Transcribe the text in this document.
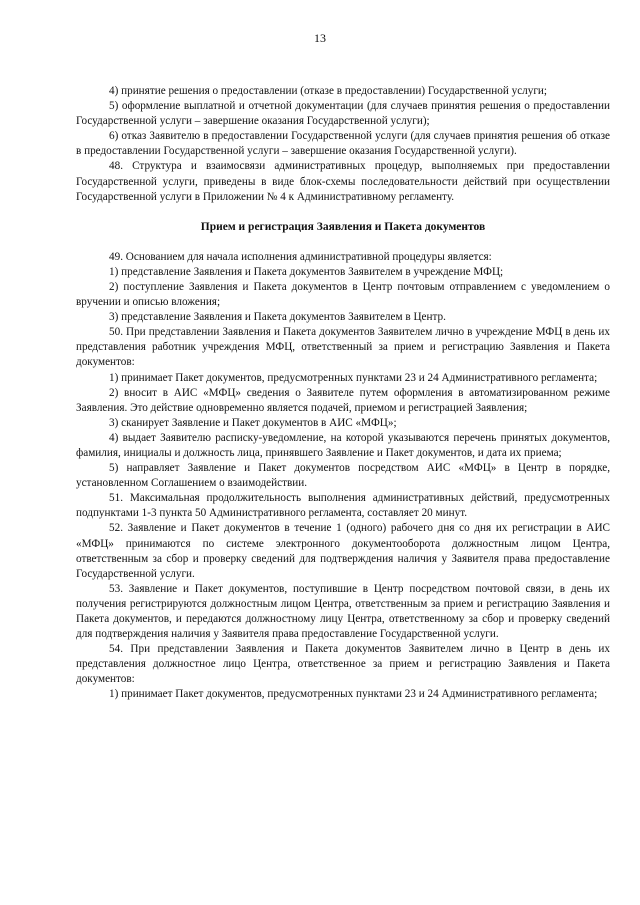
13

4) принятие решения о предоставлении (отказе в предоставлении) Государственной услуги;

5) оформление выплатной и отчетной документации (для случаев принятия решения о предоставлении Государственной услуги – завершение оказания Государственной услуги);

6) отказ Заявителю в предоставлении Государственной услуги (для случаев принятия решения об отказе в предоставлении Государственной услуги – завершение оказания Государственной услуги).

48. Структура и взаимосвязи административных процедур, выполняемых при предоставлении Государственной услуги, приведены в виде блок-схемы последовательности действий при осуществлении Государственной услуги в Приложении № 4 к Административному регламенту.

Прием и регистрация Заявления и Пакета документов

49. Основанием для начала исполнения административной процедуры является:

1) представление Заявления и Пакета документов Заявителем в учреждение МФЦ;

2) поступление Заявления и Пакета документов в Центр почтовым отправлением с уведомлением о вручении и описью вложения;

3) представление Заявления и Пакета документов Заявителем в Центр.

50. При представлении Заявления и Пакета документов Заявителем лично в учреждение МФЦ в день их представления работник учреждения МФЦ, ответственный за прием и регистрацию Заявления и Пакета документов:

1) принимает Пакет документов, предусмотренных пунктами 23 и 24 Административного регламента;

2) вносит в АИС «МФЦ» сведения о Заявителе путем оформления в автоматизированном режиме Заявления. Это действие одновременно является подачей, приемом и регистрацией Заявления;

3) сканирует Заявление и Пакет документов в АИС «МФЦ»;

4) выдает Заявителю расписку-уведомление, на которой указываются перечень принятых документов, фамилия, инициалы и должность лица, принявшего Заявление и Пакет документов, и дата их приема;

5) направляет Заявление и Пакет документов посредством АИС «МФЦ» в Центр в порядке, установленном Соглашением о взаимодействии.

51. Максимальная продолжительность выполнения административных действий, предусмотренных подпунктами 1-3 пункта 50 Административного регламента, составляет 20 минут.

52. Заявление и Пакет документов в течение 1 (одного) рабочего дня со дня их регистрации в АИС «МФЦ» принимаются по системе электронного документооборота должностным лицом Центра, ответственным за сбор и проверку сведений для подтверждения наличия у Заявителя права предоставление Государственной услуги.

53. Заявление и Пакет документов, поступившие в Центр посредством почтовой связи, в день их получения регистрируются должностным лицом Центра, ответственным за прием и регистрацию Заявления и Пакета документов, и передаются должностному лицу Центра, ответственному за сбор и проверку сведений для подтверждения наличия у Заявителя права предоставление Государственной услуги.

54. При представлении Заявления и Пакета документов Заявителем лично в Центр в день их представления должностное лицо Центра, ответственное за прием и регистрацию Заявления и Пакета документов:

1) принимает Пакет документов, предусмотренных пунктами 23 и 24 Административного регламента;
